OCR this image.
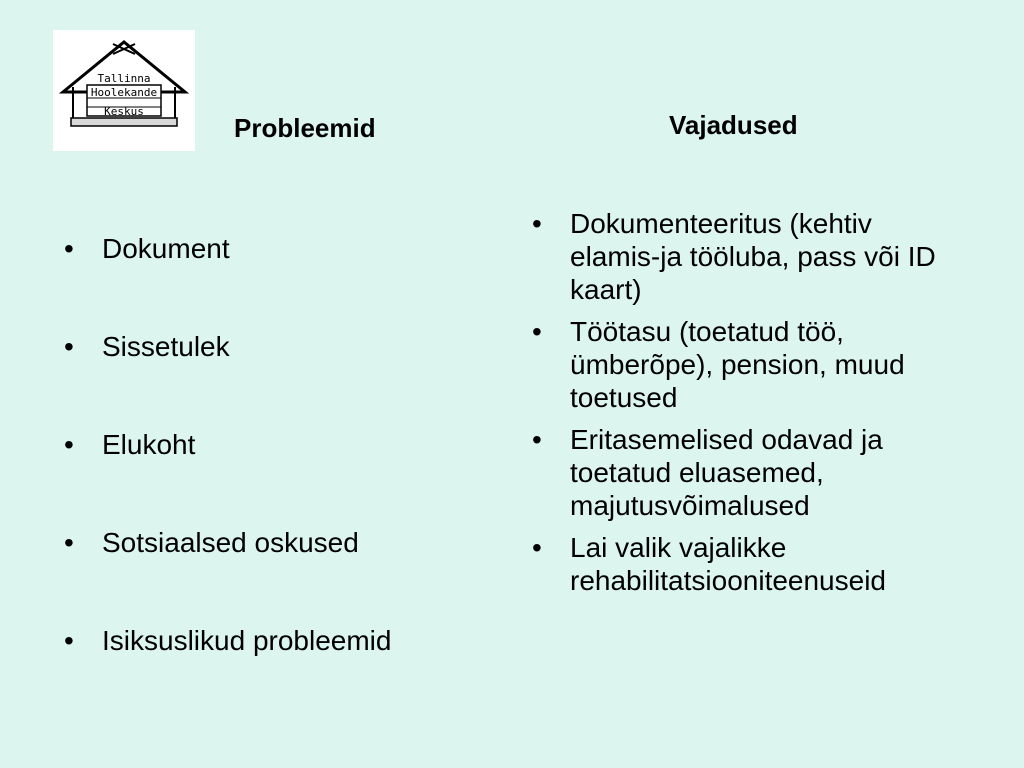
Tallinna
Hoolekande
Keskus
Probleemid	Vajadused
• Dokument
• Sissetulek
• Elukoht
• Sotsiaalsed oskused
• Isiksuslikud probleemid
• Dokumenteeritus (kehtiv elamis-ja tööluba, pass või ID kaart)
• Töötasu (toetatud töö, ümberõpe), pension, muud toetused
• Eritasemelised odavad ja toetatud eluasemed, majutusvõimalused
• Lai valik vajalikke rehabilitatsiooniteenuseid
